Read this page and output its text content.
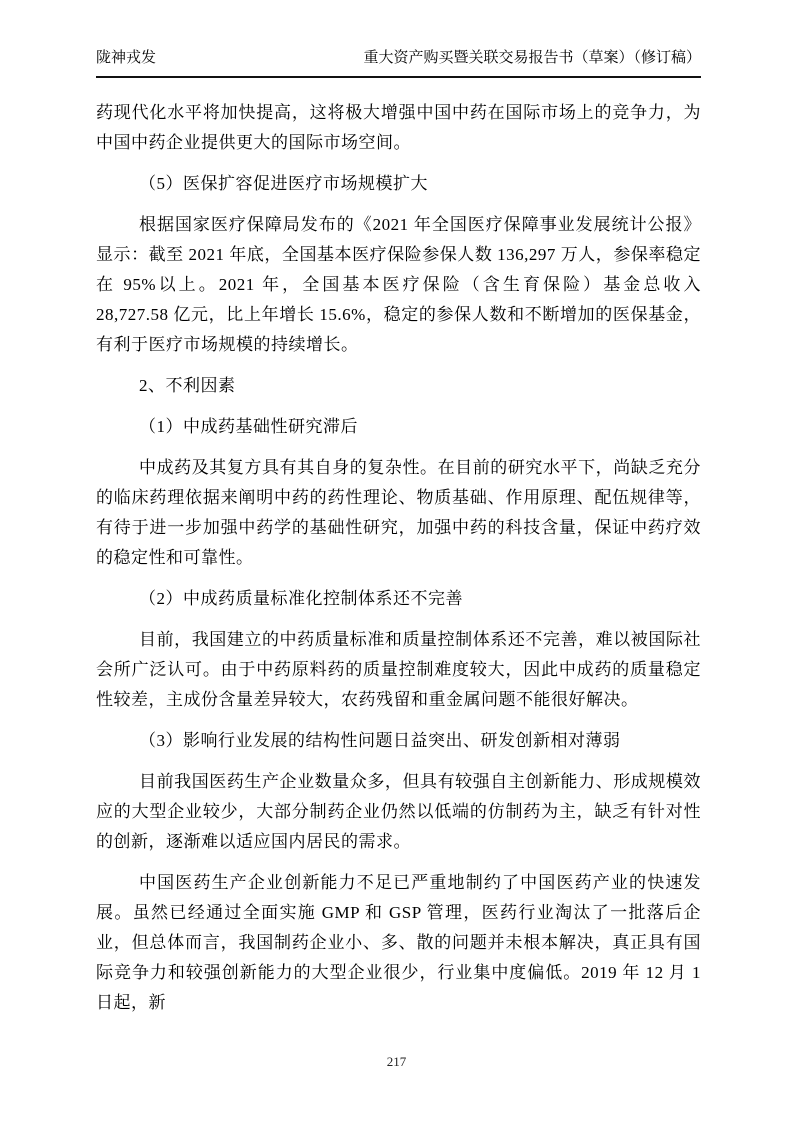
陇神戎发	重大资产购买暨关联交易报告书（草案）（修订稿）

药现代化水平将加快提高，这将极大增强中国中药在国际市场上的竞争力，为中国中药企业提供更大的国际市场空间。

（5）医保扩容促进医疗市场规模扩大

根据国家医疗保障局发布的《2021 年全国医疗保障事业发展统计公报》显示：截至 2021 年底，全国基本医疗保险参保人数 136,297 万人，参保率稳定在 95%以上。2021 年，全国基本医疗保险（含生育保险）基金总收入 28,727.58 亿元，比上年增长 15.6%，稳定的参保人数和不断增加的医保基金，有利于医疗市场规模的持续增长。

2、不利因素

（1）中成药基础性研究滞后

中成药及其复方具有其自身的复杂性。在目前的研究水平下，尚缺乏充分的临床药理依据来阐明中药的药性理论、物质基础、作用原理、配伍规律等，有待于进一步加强中药学的基础性研究，加强中药的科技含量，保证中药疗效的稳定性和可靠性。

（2）中成药质量标准化控制体系还不完善

目前，我国建立的中药质量标准和质量控制体系还不完善，难以被国际社会所广泛认可。由于中药原料药的质量控制难度较大，因此中成药的质量稳定性较差，主成份含量差异较大，农药残留和重金属问题不能很好解决。

（3）影响行业发展的结构性问题日益突出、研发创新相对薄弱

目前我国医药生产企业数量众多，但具有较强自主创新能力、形成规模效应的大型企业较少，大部分制药企业仍然以低端的仿制药为主，缺乏有针对性的创新，逐渐难以适应国内居民的需求。

中国医药生产企业创新能力不足已严重地制约了中国医药产业的快速发展。虽然已经通过全面实施 GMP 和 GSP 管理，医药行业淘汰了一批落后企业，但总体而言，我国制药企业小、多、散的问题并未根本解决，真正具有国际竞争力和较强创新能力的大型企业很少，行业集中度偏低。2019 年 12 月 1 日起，新

217
